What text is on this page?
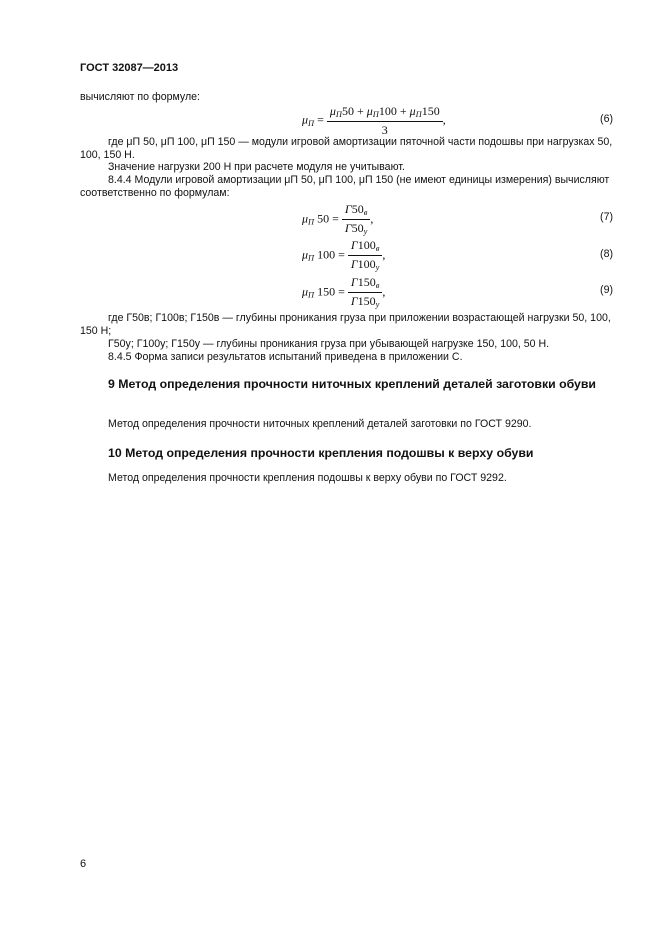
ГОСТ 32087—2013
вычисляют по формуле:
$\mu_П = \frac{\mu_П50 + \mu_П100 + \mu_П150}{3}$ ,	(6)
где μП 50, μП 100, μП 150 — модули игровой амортизации пяточной части подошвы при нагрузках 50, 100, 150 Н.
Значение нагрузки 200 Н при расчете модуля не учитывают.
8.4.4 Модули игровой амортизации μП 50, μП 100, μП 150 (не имеют единицы измерения) вычисляют соответственно по формулам:
$\mu_П$ $50 = \frac{Г50_в}{Г50_у}$ ,	(7)
$\mu_П$ $100 = \frac{Г100_в}{Г100_у}$ ,	(8)
$\mu_П$ $150 = \frac{Г150_в}{Г150_у}$ ,	(9)
где Г50в; Г100в; Г150в — глубины проникания груза при приложении возрастающей нагрузки 50, 100, 150 Н;
Г50у; Г100у; Г150у — глубины проникания груза при убывающей нагрузке 150, 100, 50 Н.
8.4.5 Форма записи результатов испытаний приведена в приложении С.
9 Метод определения прочности ниточных креплений деталей заготовки обуви
Метод определения прочности ниточных креплений деталей заготовки по ГОСТ 9290.
10 Метод определения прочности крепления подошвы к верху обуви
Метод определения прочности крепления подошвы к верху обуви по ГОСТ 9292.
6
